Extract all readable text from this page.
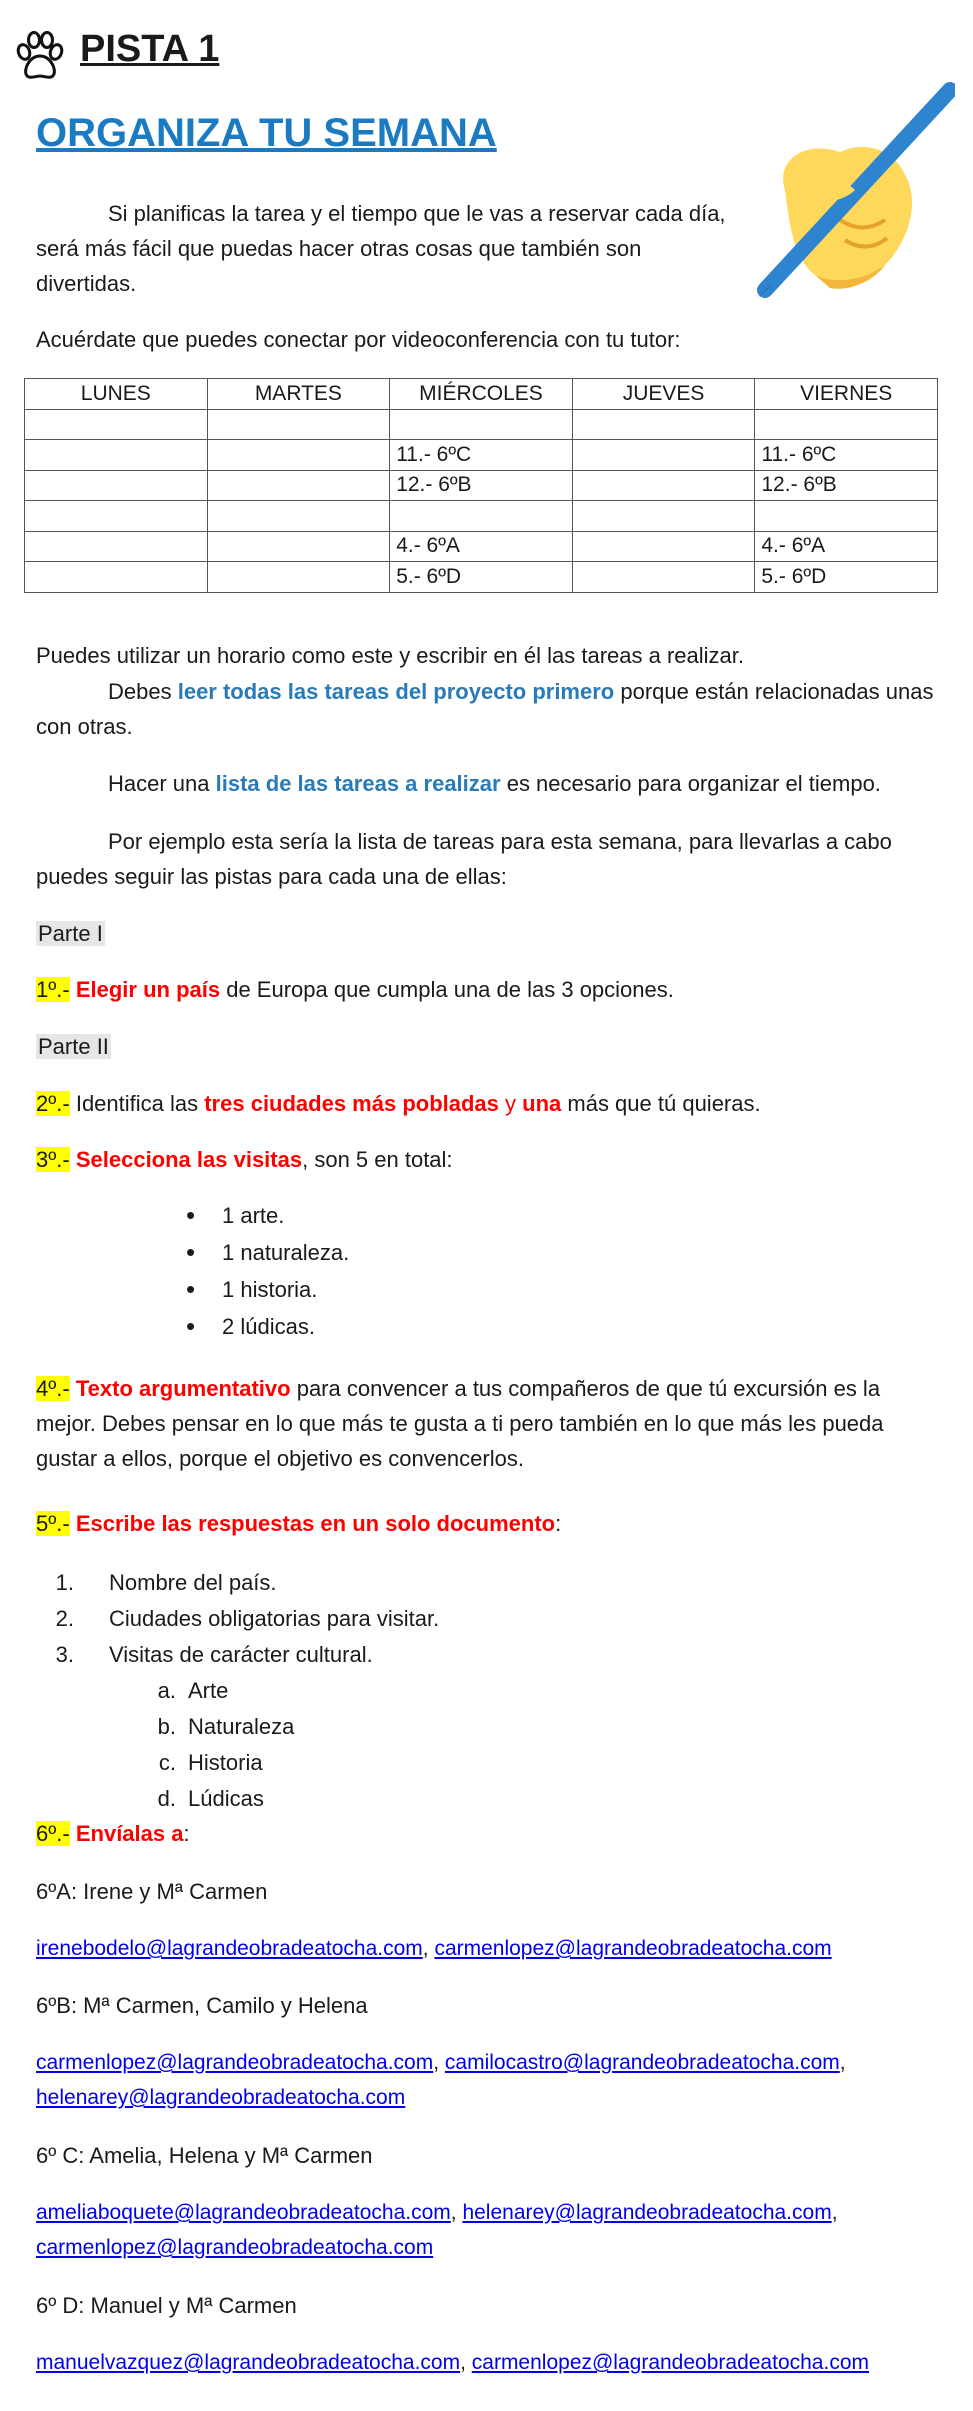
PISTA 1
ORGANIZA TU SEMANA

Si planificas la tarea y el tiempo que le vas a reservar cada día, será más fácil que puedas hacer otras cosas que también son divertidas.

Acuérdate que puedes conectar por videoconferencia con tu tutor:

LUNES	MARTES	MIÉRCOLES	JUEVES	VIERNES

		11.- 6ºC		11.- 6ºC
		12.- 6ºB		12.- 6ºB

		4.- 6ºA		4.- 6ºA
		5.- 6ºD		5.- 6ºD

Puedes utilizar un horario como este y escribir en él las tareas a realizar.

Debes leer todas las tareas del proyecto primero porque están relacionadas unas con otras.

Hacer una lista de las tareas a realizar es necesario para organizar el tiempo.

Por ejemplo esta sería la lista de tareas para esta semana, para llevarlas a cabo puedes seguir las pistas para cada una de ellas:

Parte I

1º.- Elegir un país de Europa que cumpla una de las 3 opciones.

Parte II

2º.- Identifica las tres ciudades más pobladas y una más que tú quieras.

3º.- Selecciona las visitas, son 5 en total:

• 1 arte.
• 1 naturaleza.
• 1 historia.
• 2 lúdicas.

4º.- Texto argumentativo para convencer a tus compañeros de que tú excursión es la mejor. Debes pensar en lo que más te gusta a ti pero también en lo que más les pueda gustar a ellos, porque el objetivo es convencerlos.

5º.- Escribe las respuestas en un solo documento:

1. Nombre del país.
2. Ciudades obligatorias para visitar.
3. Visitas de carácter cultural.
a. Arte
b. Naturaleza
c. Historia
d. Lúdicas

6º.- Envíalas a:

6ºA: Irene y Mª Carmen

irenebodelo@lagrandeobradeatocha.com, carmenlopez@lagrandeobradeatocha.com

6ºB: Mª Carmen, Camilo y Helena

carmenlopez@lagrandeobradeatocha.com, camilocastro@lagrandeobradeatocha.com,
helenarey@lagrandeobradeatocha.com

6º C: Amelia, Helena y Mª Carmen

ameliaboquete@lagrandeobradeatocha.com, helenarey@lagrandeobradeatocha.com,
carmenlopez@lagrandeobradeatocha.com

6º D: Manuel y Mª Carmen

manuelvazquez@lagrandeobradeatocha.com, carmenlopez@lagrandeobradeatocha.com
